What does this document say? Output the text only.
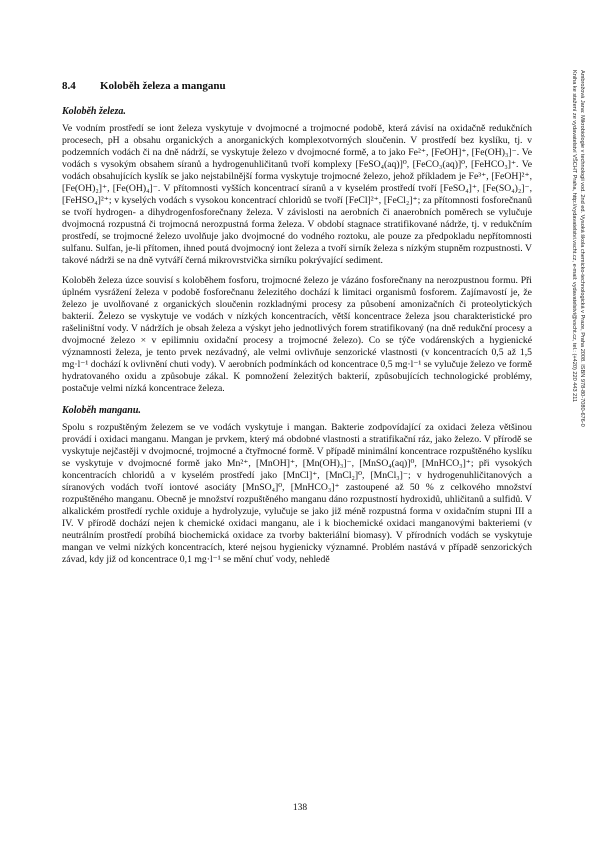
8.4 Koloběh železa a manganu
Koloběh železa.

Ve vodním prostředí se iont železa vyskytuje v dvojmocné a trojmocné podobě, která závisí na oxidačně redukčních procesech, pH a obsahu organických a anorganických komplexotvorných sloučenin. V prostředí bez kyslíku, tj. v podzemních vodách či na dně nádrží, se vyskytuje železo v dvojmocné formě, a to jako Fe²⁺, [FeOH]⁺, [Fe(OH)₃]⁻. Ve vodách s vysokým obsahem síranů a hydrogenuhličitanů tvoří komplexy [FeSO₄(aq)]⁰, [FeCO₃(aq)]⁰, [FeHCO₃]⁺. Ve vodách obsahujících kyslík se jako nejstabilnější forma vyskytuje trojmocné železo, jehož příkladem je Fe³⁺, [FeOH]²⁺, [Fe(OH)₂]⁺, [Fe(OH)₄]⁻. V přítomnosti vyšších koncentrací síranů a v kyselém prostředí tvoří [FeSO₄]⁺, [Fe(SO₄)₂]⁻, [FeHSO₄]²⁺; v kyselých vodách s vysokou koncentrací chloridů se tvoří [FeCl]²⁺, [FeCl₂]⁺; za přítomnosti fosforečnanů se tvoří hydrogen- a dihydrogenfosforečnany železa. V závislosti na aerobních či anaerobních poměrech se vylučuje dvojmocná rozpustná či trojmocná nerozpustná forma železa. V období stagnace stratifikované nádrže, tj. v redukčním prostředí, se trojmocné železo uvolňuje jako dvojmocné do vodného roztoku, ale pouze za předpokladu nepřítomnosti sulfanu. Sulfan, je-li přítomen, ihned poutá dvojmocný iont železa a tvoří sirník železa s nízkým stupněm rozpustnosti. V takové nádrži se na dně vytváří černá mikrovrstvička sirníku pokrývající sediment.

Koloběh železa úzce souvisí s koloběhem fosforu, trojmocné železo je vázáno fosforečnany na nerozpustnou formu. Při úplném vysrážení železa v podobě fosforečnanu železitého dochází k limitaci organismů fosforem. Zajímavostí je, že železo je uvolňované z organických sloučenin rozkladnými procesy za působení amonizačních či proteolytických bakterií. Železo se vyskytuje ve vodách v nízkých koncentracích, větší koncentrace železa jsou charakteristické pro rašeliništní vody. V nádržích je obsah železa a výskyt jeho jednotlivých forem stratifikovaný (na dně redukční procesy a dvojmocné železo × v epilimniu oxidační procesy a trojmocné železo). Co se týče vodárenských a hygienické významnosti železa, je tento prvek nezávadný, ale velmi ovlivňuje senzorické vlastnosti (v koncentracích 0,5 až 1,5 mg·l⁻¹ dochází k ovlivnění chuti vody). V aerobních podmínkách od koncentrace 0,5 mg·l⁻¹ se vylučuje železo ve formě hydratovaného oxidu a způsobuje zákal. K pomnožení železitých bakterií, způsobujících technologické problémy, postačuje velmi nízká koncentrace železa.

Koloběh manganu.

Spolu s rozpuštěným železem se ve vodách vyskytuje i mangan. Bakterie zodpovídající za oxidaci železa většinou provádí i oxidaci manganu. Mangan je prvkem, který má obdobné vlastnosti a stratifikační ráz, jako železo. V přírodě se vyskytuje nejčastěji v dvojmocné, trojmocné a čtyřmocné formě. V případě minimální koncentrace rozpuštěného kyslíku se vyskytuje v dvojmocné formě jako Mn²⁺, [MnOH]⁺, [Mn(OH)₃]⁻, [MnSO₄(aq)]⁰, [MnHCO₃]⁺; při vysokých koncentracích chloridů a v kyselém prostředí jako [MnCl]⁺, [MnCl₂]⁰, [MnCl₃]⁻; v hydrogenuhličitanových a síranových vodách tvoří iontové asociáty [MnSO₄]⁰, [MnHCO₃]⁺ zastoupené až 50 % z celkového množství rozpuštěného manganu. Obecně je množství rozpuštěného manganu dáno rozpustností hydroxidů, uhličitanů a sulfidů. V alkalickém prostředí rychle oxiduje a hydrolyzuje, vylučuje se jako již méně rozpustná forma v oxidačním stupni III a IV. V přírodě dochází nejen k chemické oxidaci manganu, ale i k biochemické oxidaci manganovými bakteriemi (v neutrálním prostředí probíhá biochemická oxidace za tvorby bakteriální biomasy). V přírodních vodách se vyskytuje mangan ve velmi nízkých koncentracích, které nejsou hygienicky významné. Problém nastává v případě senzorických závad, kdy již od koncentrace 0,1 mg·l⁻¹ se mění chuť vody, nehledě

138
Ambrožová Jana: Mikrobiologie v technologii vod. 2nd ed. Vysoká škola chemicko-technologická v Praze, Praha 2008. ISBN 978-80-7080-676-0
Kniha ke stažení ze vydavatelství VŠCHT Praha, http://vydavatelstvi.vscht.cz, e-mail: vydavatelstvi@vscht.cz, tel.: (+420) 220 443 211
